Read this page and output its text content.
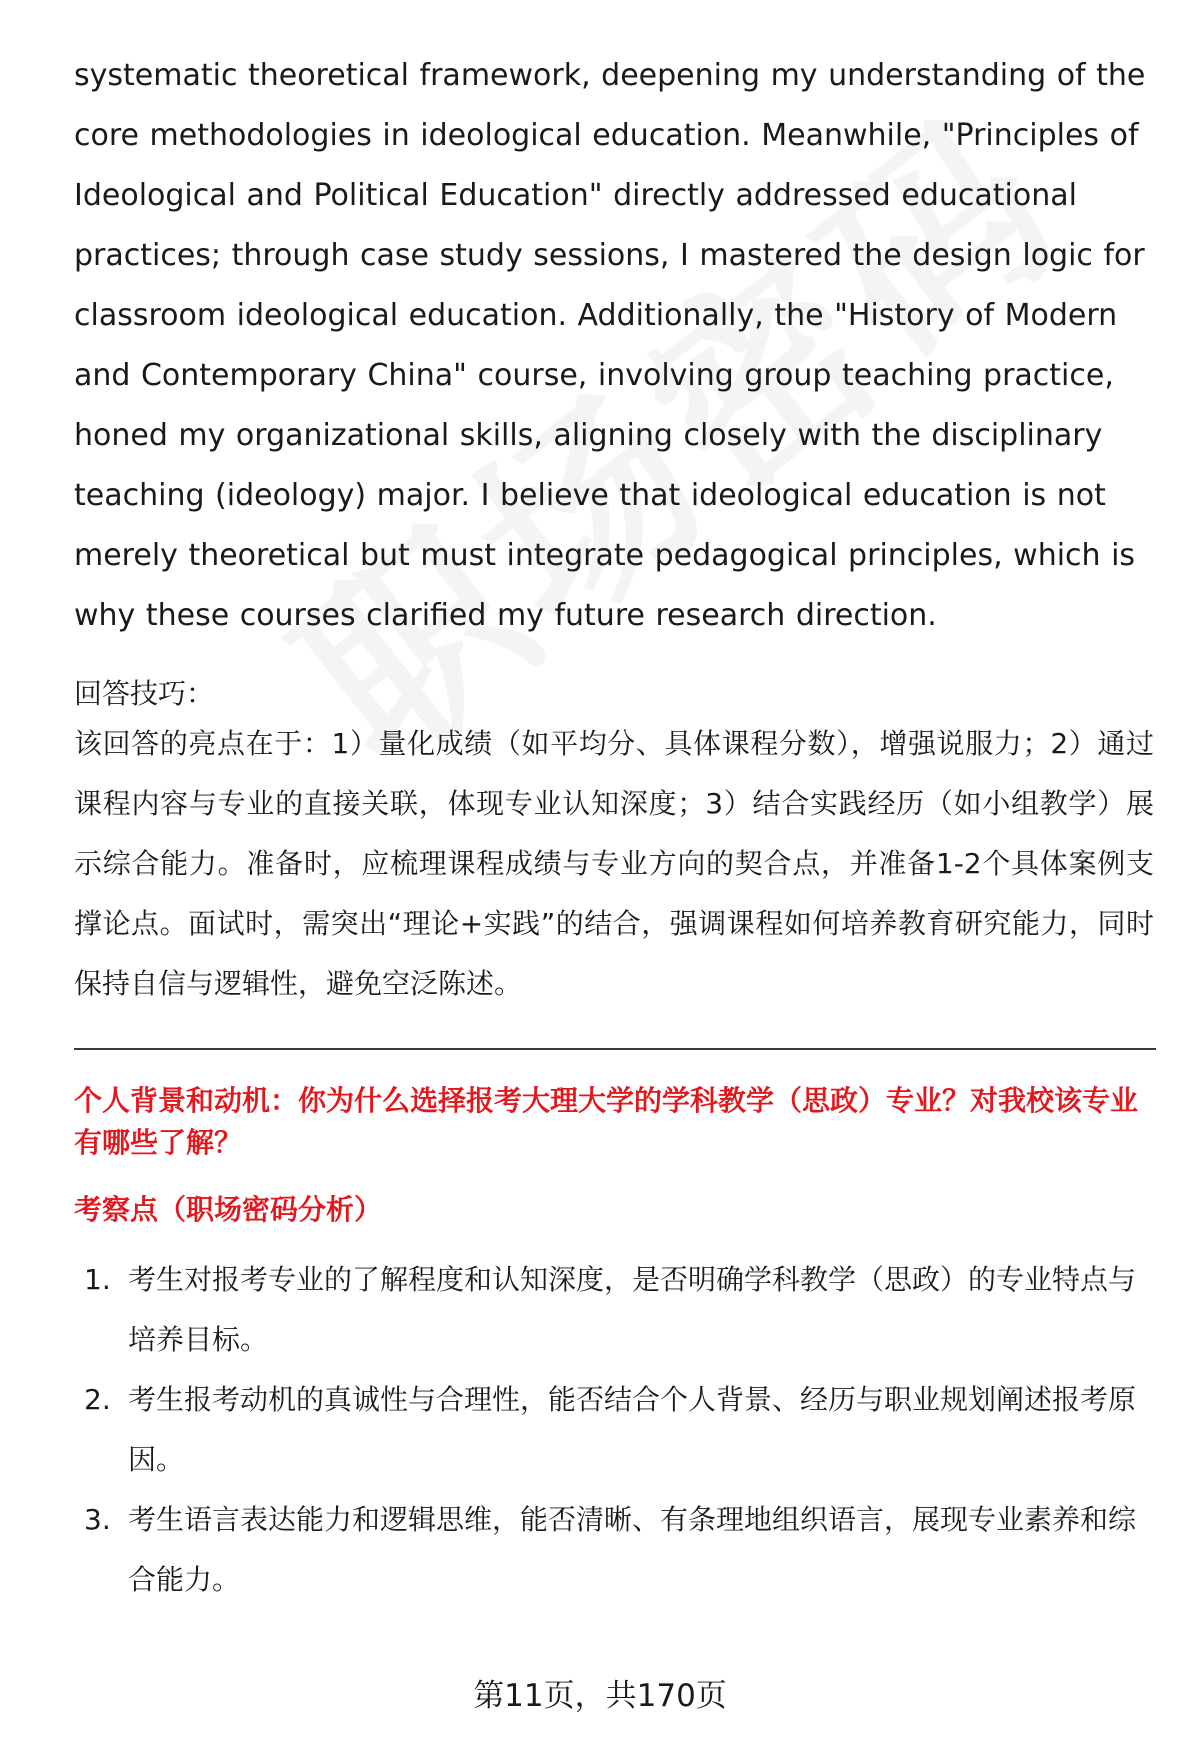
systematic theoretical framework, deepening my understanding of the core methodologies in ideological education. Meanwhile, "Principles of Ideological and Political Education" directly addressed educational practices; through case study sessions, I mastered the design logic for classroom ideological education. Additionally, the "History of Modern and Contemporary China" course, involving group teaching practice, honed my organizational skills, aligning closely with the disciplinary teaching (ideology) major. I believe that ideological education is not merely theoretical but must integrate pedagogical principles, which is why these courses clarified my future research direction.

回答技巧：

该回答的亮点在于：1）量化成绩（如平均分、具体课程分数），增强说服力；2）通过课程内容与专业的直接关联，体现专业认知深度；3）结合实践经历（如小组教学）展示综合能力。准备时，应梳理课程成绩与专业方向的契合点，并准备1-2个具体案例支撑论点。面试时，需突出“理论+实践”的结合，强调课程如何培养教育研究能力，同时保持自信与逻辑性，避免空泛陈述。

个人背景和动机：你为什么选择报考大理大学的学科教学（思政）专业？对我校该专业有哪些了解？

考察点（职场密码分析）

1. 考生对报考专业的了解程度和认知深度，是否明确学科教学（思政）的专业特点与培养目标。
2. 考生报考动机的真诚性与合理性，能否结合个人背景、经历与职业规划阐述报考原因。
3. 考生语言表达能力和逻辑思维，能否清晰、有条理地组织语言，展现专业素养和综合能力。
第11页，共170页
